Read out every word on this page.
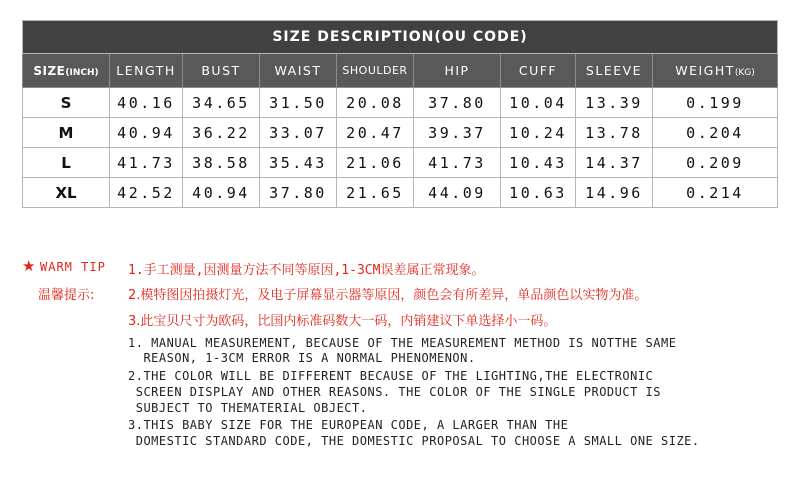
SIZE DESCRIPTION(OU CODE)								
SIZE(INCH)	LENGTH	BUST	WAIST	SHOULDER	HIP	CUFF	SLEEVE	WEIGHT(KG)
S	40.16	34.65	31.50	20.08	37.80	10.04	13.39	0.199
M	40.94	36.22	33.07	20.47	39.37	10.24	13.78	0.204
L	41.73	38.58	35.43	21.06	41.73	10.43	14.37	0.209
XL	42.52	40.94	37.80	21.65	44.09	10.63	14.96	0.214
★ WARM TIP
温馨提示:
1.手工测量,因测量方法不同等原因,1-3CM误差属正常现象。
2.模特图因拍摄灯光，及电子屏幕显示器等原因，颜色会有所差异，单品颜色以实物为准。
3.此宝贝尺寸为欧码，比国内标准码数大一码，内销建议下单选择小一码。
1. MANUAL MEASUREMENT, BECAUSE OF THE MEASUREMENT METHOD IS NOTTHE SAME
REASON, 1-3CM ERROR IS A NORMAL PHENOMENON.
2.THE COLOR WILL BE DIFFERENT BECAUSE OF THE LIGHTING,THE ELECTRONIC
SCREEN DISPLAY AND OTHER REASONS. THE COLOR OF THE SINGLE PRODUCT IS
SUBJECT TO THEMATERIAL OBJECT.
3.THIS BABY SIZE FOR THE EUROPEAN CODE, A LARGER THAN THE
DOMESTIC STANDARD CODE, THE DOMESTIC PROPOSAL TO CHOOSE A SMALL ONE SIZE.
